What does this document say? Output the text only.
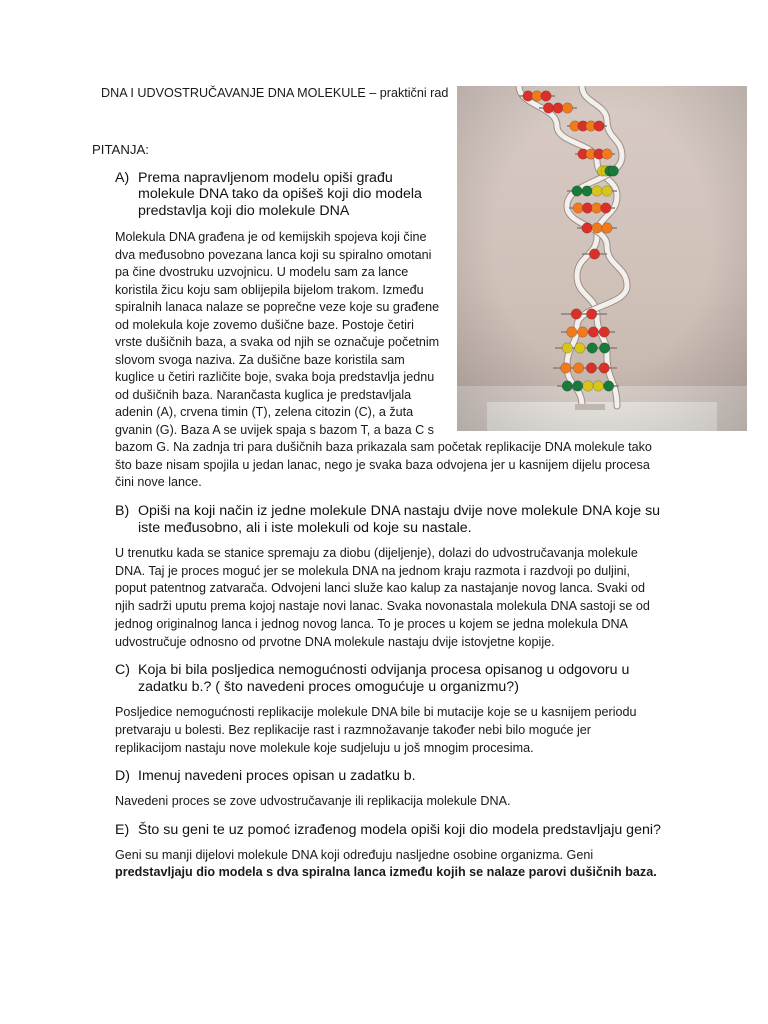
DNA I UDVOSTRUČAVANJE DNA MOLEKULE – praktični rad
PITANJA:
A) Prema napravljenom modelu opiši građu
molekule DNA tako da opišeš koji dio modela
predstavlja koji dio molekule DNA
Molekula DNA građena je od kemijskih spojeva koji čine
dva međusobno povezana lanca koji su spiralno omotani
pa čine dvostruku uzvojnicu. U modelu sam za lance
koristila žicu koju sam oblijepila bijelom trakom. Između
spiralnih lanaca nalaze se poprečne veze koje su građene
od molekula koje zovemo dušične baze. Postoje četiri
vrste dušičnih baza, a svaka od njih se označuje početnim
slovom svoga naziva. Za dušične baze koristila sam
kuglice u četiri različite boje, svaka boja predstavlja jednu
od dušičnih baza. Narančasta kuglica je predstavljala
adenin (A), crvena timin (T), zelena citozin (C), a žuta
gvanin (G). Baza A se uvijek spaja s bazom T, a baza C s
bazom G. Na zadnja tri para dušičnih baza prikazala sam početak replikacije DNA molekule tako
što baze nisam spojila u jedan lanac, nego je svaka baza odvojena jer u kasnijem dijelu procesa
čini nove lance.
B) Opiši na koji način iz jedne molekule DNA nastaju dvije nove molekule DNA koje su
iste međusobno, ali i iste molekuli od koje su nastale.
U trenutku kada se stanice spremaju za diobu (dijeljenje), dolazi do udvostručavanja molekule
DNA. Taj je proces moguć jer se molekula DNA na jednom kraju razmota i razdvoji po duljini,
poput patentnog zatvarača. Odvojeni lanci služe kao kalup za nastajanje novog lanca. Svaki od
njih sadrži uputu prema kojoj nastaje novi lanac. Svaka novonastala molekula DNA sastoji se od
jednog originalnog lanca i jednog novog lanca. To je proces u kojem se jedna molekula DNA
udvostručuje odnosno od prvotne DNA molekule nastaju dvije istovjetne kopije.
C) Koja bi bila posljedica nemogućnosti odvijanja procesa opisanog u odgovoru u
zadatku b.? ( što navedeni proces omogućuje u organizmu?)
Posljedice nemogućnosti replikacije molekule DNA bile bi mutacije koje se u kasnijem periodu
pretvaraju u bolesti. Bez replikacije rast i razmnožavanje također nebi bilo moguće jer
replikacijom nastaju nove molekule koje sudjeluju u još mnogim procesima.
D) Imenuj navedeni proces opisan u zadatku b.
Navedeni proces se zove udvostručavanje ili replikacija molekule DNA.
E) Što su geni te uz pomoć izrađenog modela opiši koji dio modela predstavljaju geni?
Geni su manji dijelovi molekule DNA koji određuju nasljedne osobine organizma. Geni
predstavljaju dio modela s dva spiralna lanca između kojih se nalaze parovi dušičnih baza.
